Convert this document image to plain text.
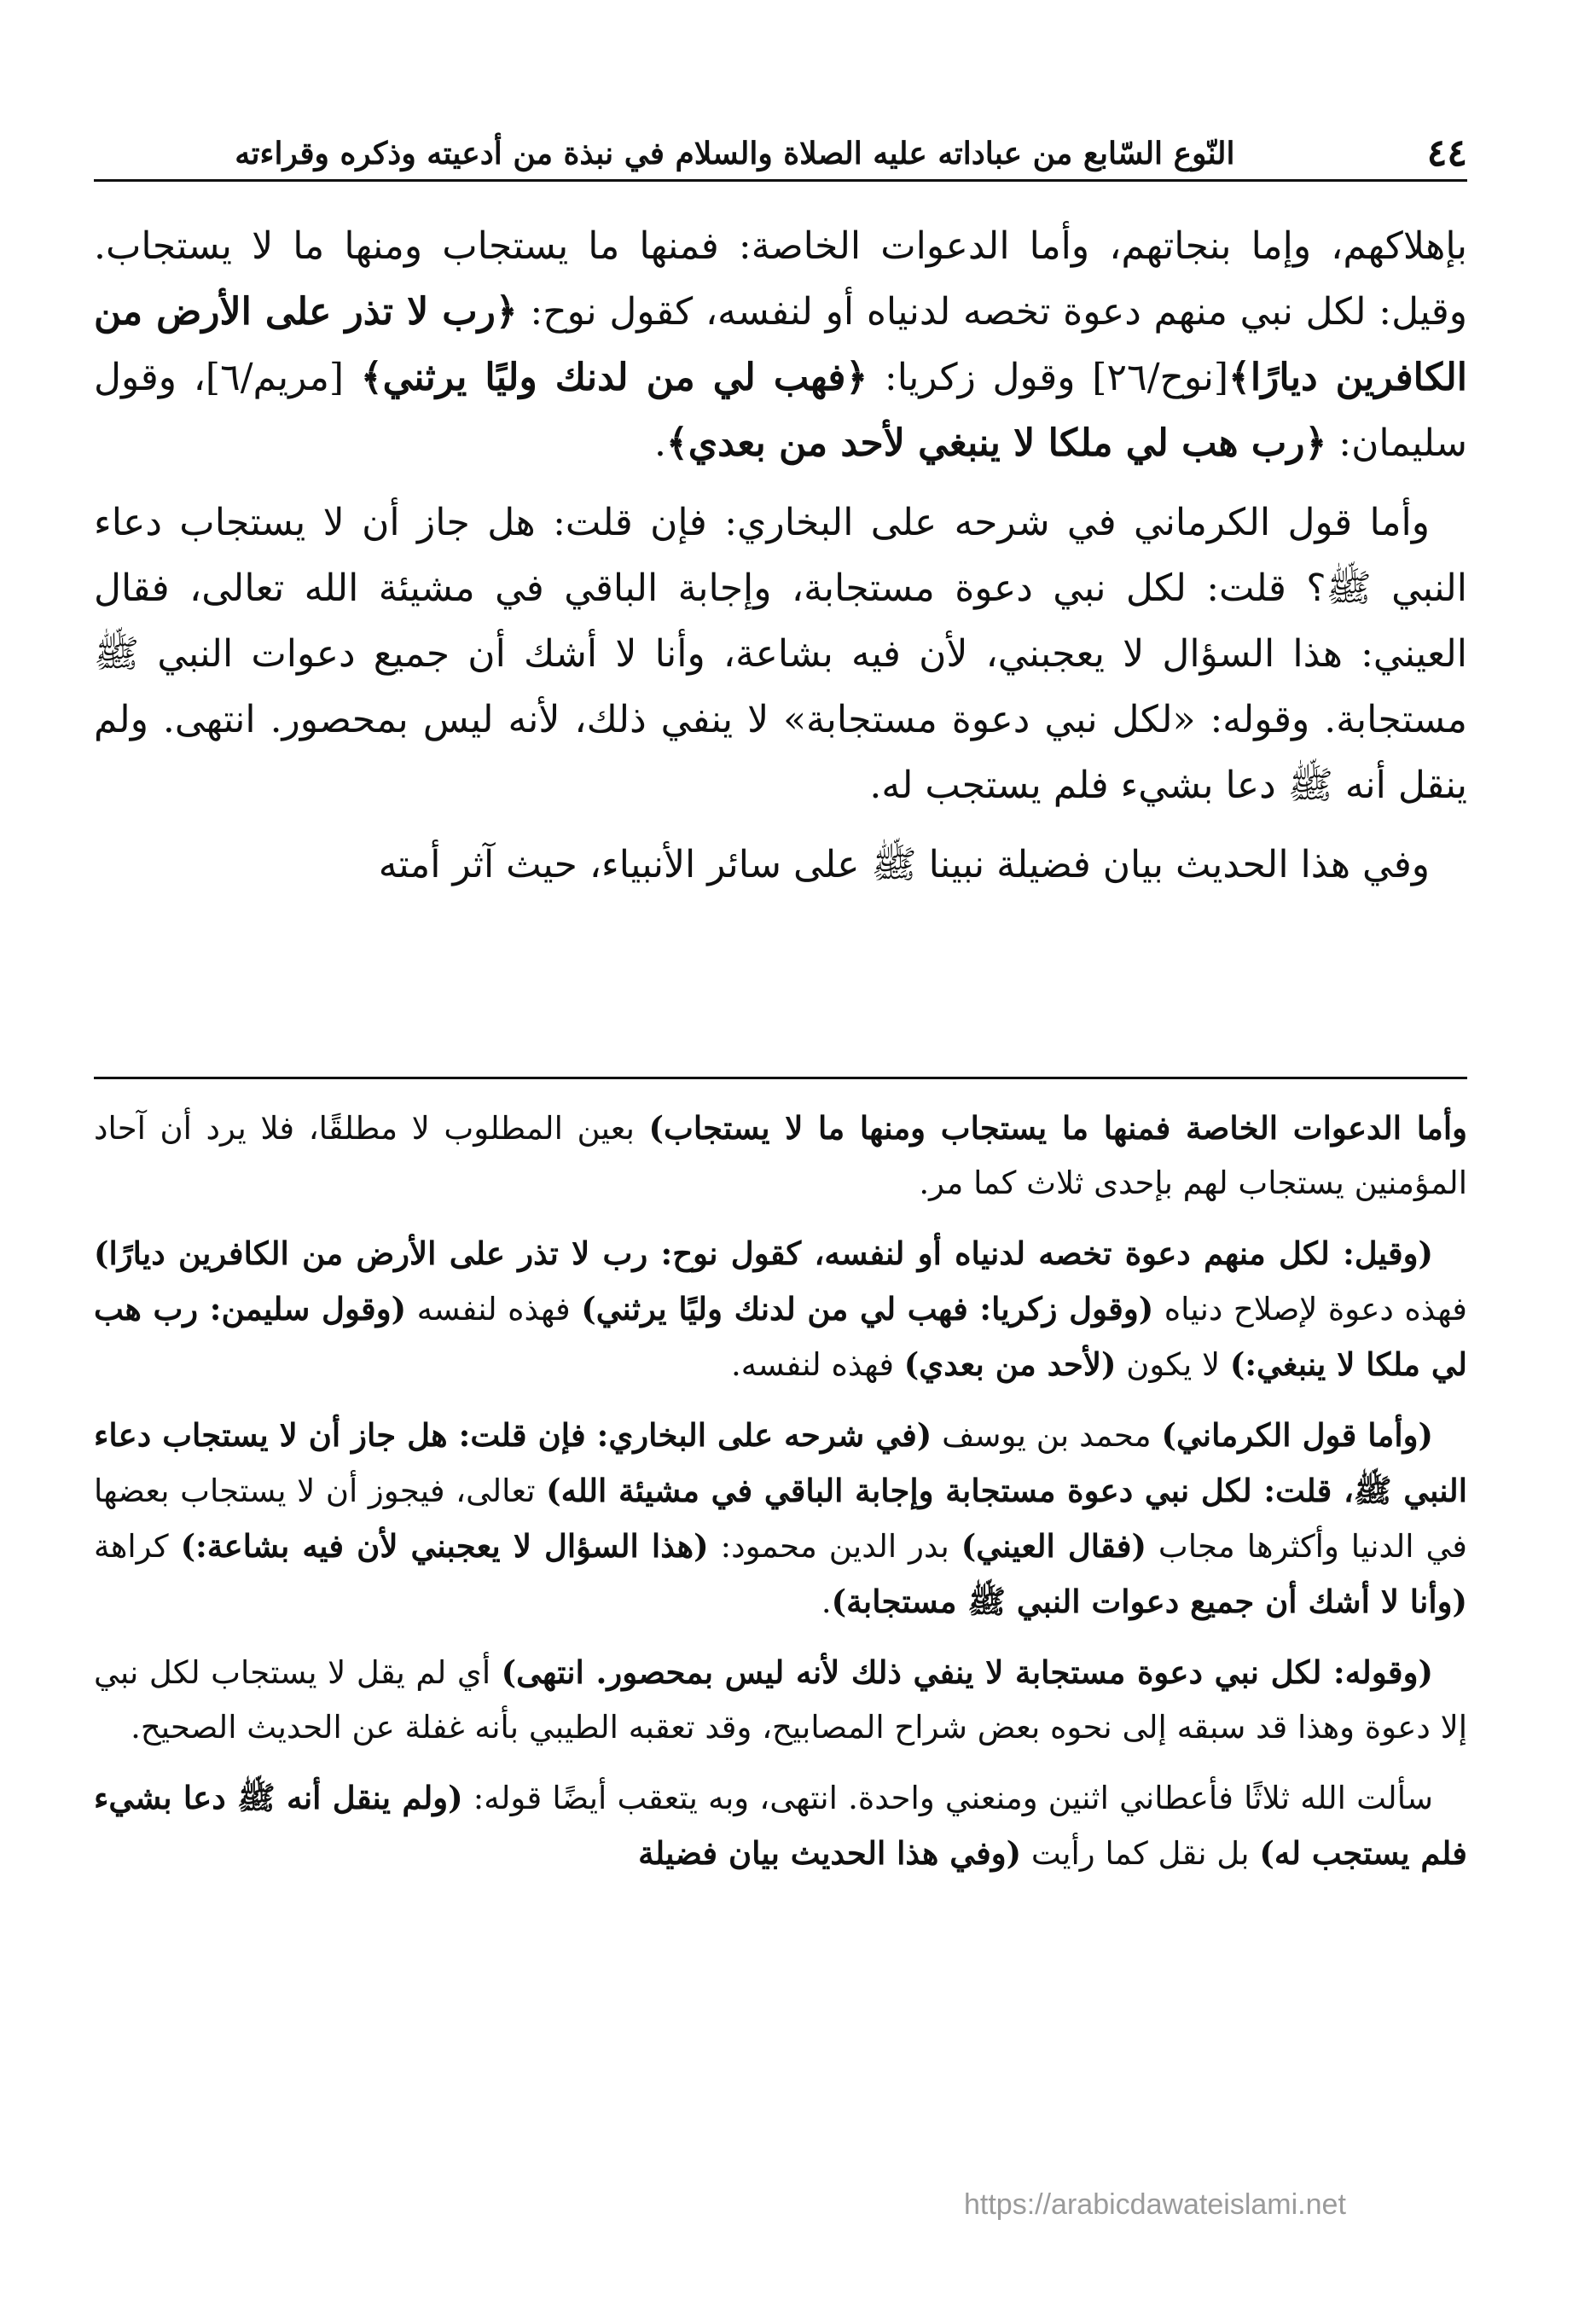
٤٤
النّوع السّابع من عباداته عليه الصلاة والسلام في نبذة من أدعيته وذكره وقراءته

بإهلاكهم، وإما بنجاتهم، وأما الدعوات الخاصة: فمنها ما يستجاب ومنها ما لا يستجاب. وقيل: لكل نبي منهم دعوة تخصه لدنياه أو لنفسه، كقول نوح: ﴿رب لا تذر على الأرض من الكافرين ديارًا﴾[نوح/٢٦] وقول زكريا: ﴿فهب لي من لدنك وليًا يرثني﴾ [مريم/٦]، وقول سليمان: ﴿رب هب لي ملكا لا ينبغي لأحد من بعدي﴾.

وأما قول الكرماني في شرحه على البخاري: فإن قلت: هل جاز أن لا يستجاب دعاء النبي ﷺ؟ قلت: لكل نبي دعوة مستجابة، وإجابة الباقي في مشيئة الله تعالى، فقال العيني: هذا السؤال لا يعجبني، لأن فيه بشاعة، وأنا لا أشك أن جميع دعوات النبي ﷺ مستجابة. وقوله: «لكل نبي دعوة مستجابة» لا ينفي ذلك، لأنه ليس بمحصور. انتهى. ولم ينقل أنه ﷺ دعا بشيء فلم يستجب له.

وفي هذا الحديث بيان فضيلة نبينا ﷺ على سائر الأنبياء، حيث آثر أمته

وأما الدعوات الخاصة فمنها ما يستجاب ومنها ما لا يستجاب) بعين المطلوب لا مطلقًا، فلا يرد أن آحاد المؤمنين يستجاب لهم بإحدى ثلاث كما مر.

(وقيل: لكل منهم دعوة تخصه لدنياه أو لنفسه، كقول نوح: رب لا تذر على الأرض من الكافرين ديارًا) فهذه دعوة لإصلاح دنياه (وقول زكريا: فهب لي من لدنك وليًا يرثني) فهذه لنفسه (وقول سليمن: رب هب لي ملكا لا ينبغي:) لا يكون (لأحد من بعدي) فهذه لنفسه.

(وأما قول الكرماني) محمد بن يوسف (في شرحه على البخاري: فإن قلت: هل جاز أن لا يستجاب دعاء النبي ﷺ، قلت: لكل نبي دعوة مستجابة وإجابة الباقي في مشيئة الله) تعالى، فيجوز أن لا يستجاب بعضها في الدنيا وأكثرها مجاب (فقال العيني) بدر الدين محمود: (هذا السؤال لا يعجبني لأن فيه بشاعة:) كراهة (وأنا لا أشك أن جميع دعوات النبي ﷺ مستجابة).

(وقوله: لكل نبي دعوة مستجابة لا ينفي ذلك لأنه ليس بمحصور. انتهى) أي لم يقل لا يستجاب لكل نبي إلا دعوة وهذا قد سبقه إلى نحوه بعض شراح المصابيح، وقد تعقبه الطيبي بأنه غفلة عن الحديث الصحيح.

سألت الله ثلاثًا فأعطاني اثنين ومنعني واحدة. انتهى، وبه يتعقب أيضًا قوله: (ولم ينقل أنه ﷺ دعا بشيء فلم يستجب له) بل نقل كما رأيت (وفي هذا الحديث بيان فضيلة

https://arabicdawateislami.net
